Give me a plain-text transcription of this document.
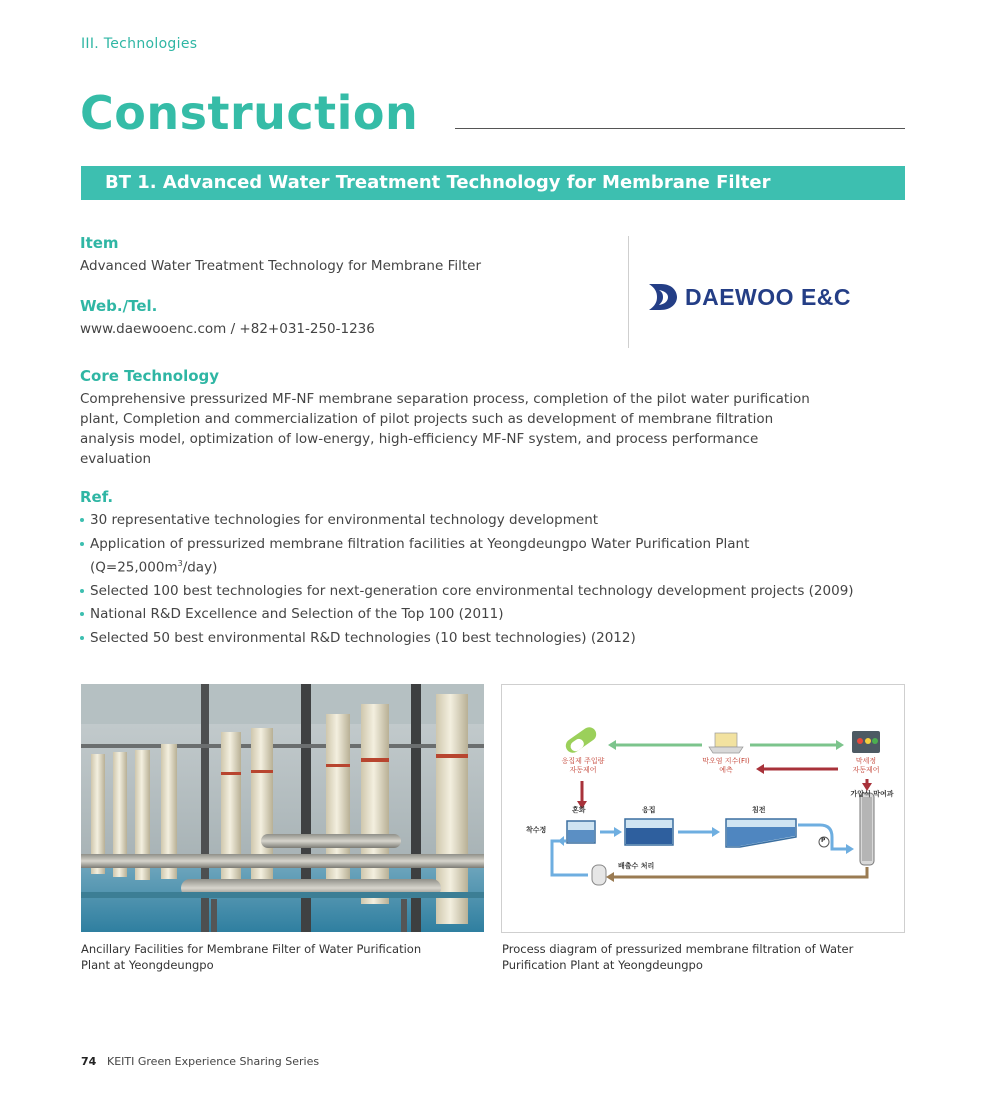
III. Technologies
Construction
BT 1. Advanced Water Treatment Technology for Membrane Filter
Item
Advanced Water Treatment Technology for Membrane Filter
Web./Tel.
www.daewooenc.com / +82+031-250-1236
DAEWOO E&C
Core Technology
Comprehensive pressurized MF-NF membrane separation process, completion of the pilot water purification
plant, Completion and commercialization of pilot projects such as development of membrane filtration
analysis model, optimization of low-energy, high-efficiency MF-NF system, and process performance
evaluation
Ref.
30 representative technologies for environmental technology development
Application of pressurized membrane filtration facilities at Yeongdeungpo Water Purification Plant
$(Q=25,000m^3/day)$
Selected 100 best technologies for next-generation core environmental technology development projects (2009)
National R&D Excellence and Selection of the Top 100 (2011)
Selected 50 best environmental R&D technologies (10 best technologies) (2012)
응집제 주입량
자동제어
막오염 지수(FI)
예측
막세정
자동제어
가압식 막여과
혼화	응집	침전
착수정
배출수 처리
P
Ancillary Facilities for Membrane Filter of Water Purification
Plant at Yeongdeungpo
Process diagram of pressurized membrane filtration of Water
Purification Plant at Yeongdeungpo
74 KEITI Green Experience Sharing Series
